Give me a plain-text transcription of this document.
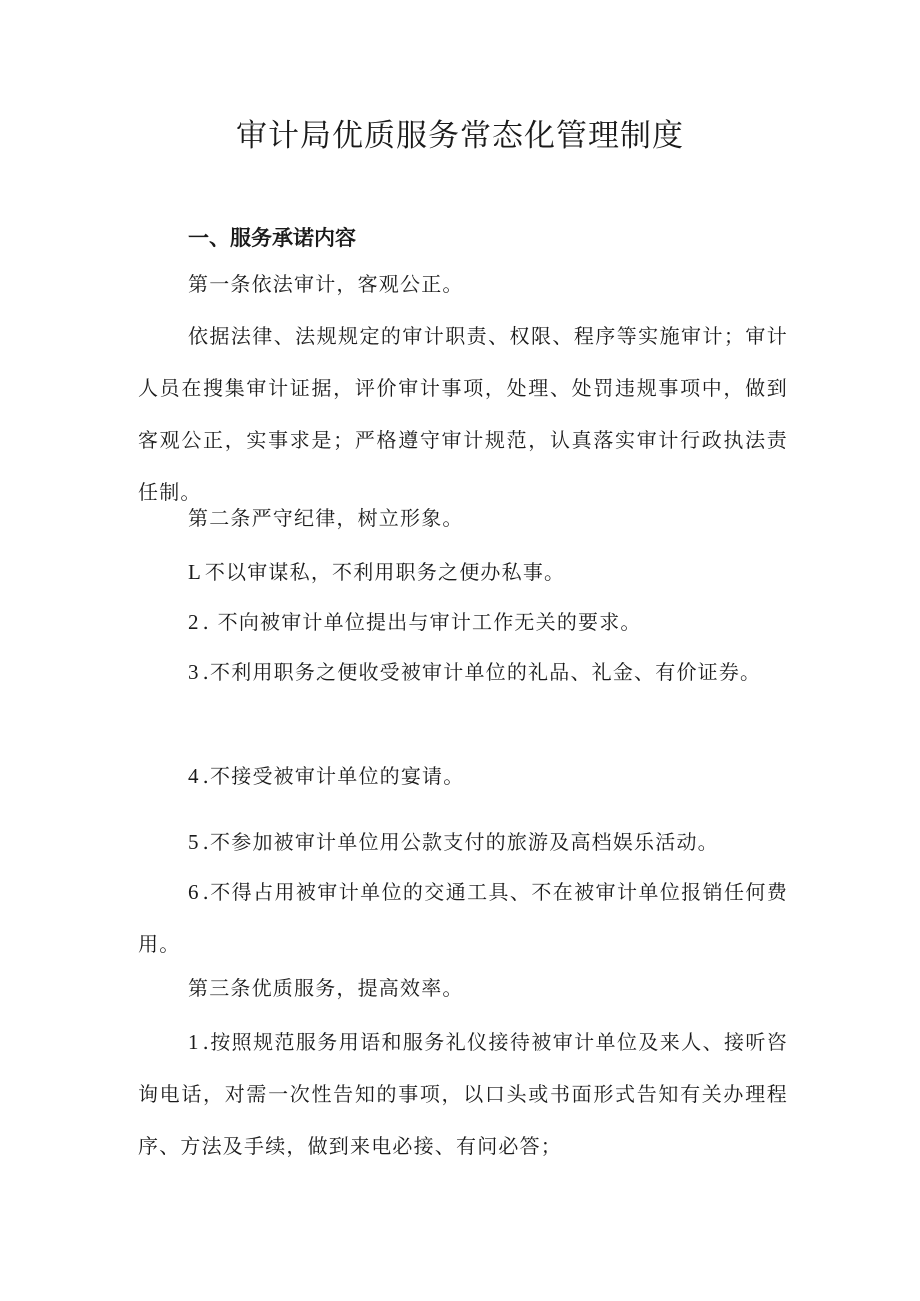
审计局优质服务常态化管理制度
一、服务承诺内容

第一条依法审计，客观公正。

依据法律、法规规定的审计职责、权限、程序等实施审计；审计人员在搜集审计证据，评价审计事项，处理、处罚违规事项中，做到客观公正，实事求是；严格遵守审计规范，认真落实审计行政执法责任制。

第二条严守纪律，树立形象。

L不以审谋私，不利用职务之便办私事。

2. 不向被审计单位提出与审计工作无关的要求。

3.不利用职务之便收受被审计单位的礼品、礼金、有价证券。

4.不接受被审计单位的宴请。

5.不参加被审计单位用公款支付的旅游及高档娱乐活动。

6.不得占用被审计单位的交通工具、不在被审计单位报销任何费用。

第三条优质服务，提高效率。

1.按照规范服务用语和服务礼仪接待被审计单位及来人、接听咨询电话，对需一次性告知的事项，以口头或书面形式告知有关办理程序、方法及手续，做到来电必接、有问必答；
